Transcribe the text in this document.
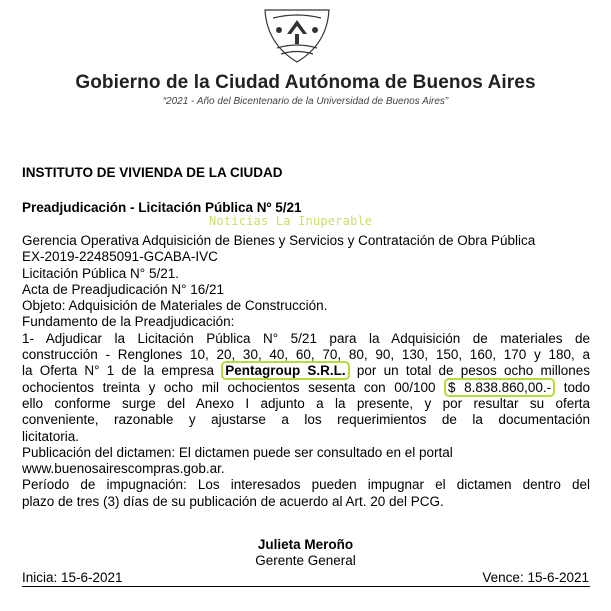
Gobierno de la Ciudad Autónoma de Buenos Aires
“2021 - Año del Bicentenario de la Universidad de Buenos Aires”
INSTITUTO DE VIVIENDA DE LA CIUDAD
Preadjudicación - Licitación Pública Nº 5/21
Noticias La Inuperable
Gerencia Operativa Adquisición de Bienes y Servicios y Contratación de Obra Pública
EX-2019-22485091-GCABA-IVC
Licitación Pública N° 5/21.
Acta de Preadjudicación N° 16/21
Objeto: Adquisición de Materiales de Construcción.
Fundamento de la Preadjudicación:
1- Adjudicar la Licitación Pública N° 5/21 para la Adquisición de materiales de
construcción - Renglones 10, 20, 30, 40, 60, 70, 80, 90, 130, 150, 160, 170 y 180, a
la Oferta N° 1 de la empresa Pentagroup S.R.L. por un total de pesos ocho millones
ochocientos treinta y ocho mil ochocientos sesenta con 00/100 $ 8.838.860,00.- todo
ello conforme surge del Anexo I adjunto a la presente, y por resultar su oferta
conveniente, razonable y ajustarse a los requerimientos de la documentación
licitatoria.
Publicación del dictamen: El dictamen puede ser consultado en el portal
www.buenosairescompras.gob.ar.
Período de impugnación: Los interesados pueden impugnar el dictamen dentro del
plazo de tres (3) días de su publicación de acuerdo al Art. 20 del PCG.
Julieta Meroño
Gerente General
Inicia: 15-6-2021	Vence: 15-6-2021
